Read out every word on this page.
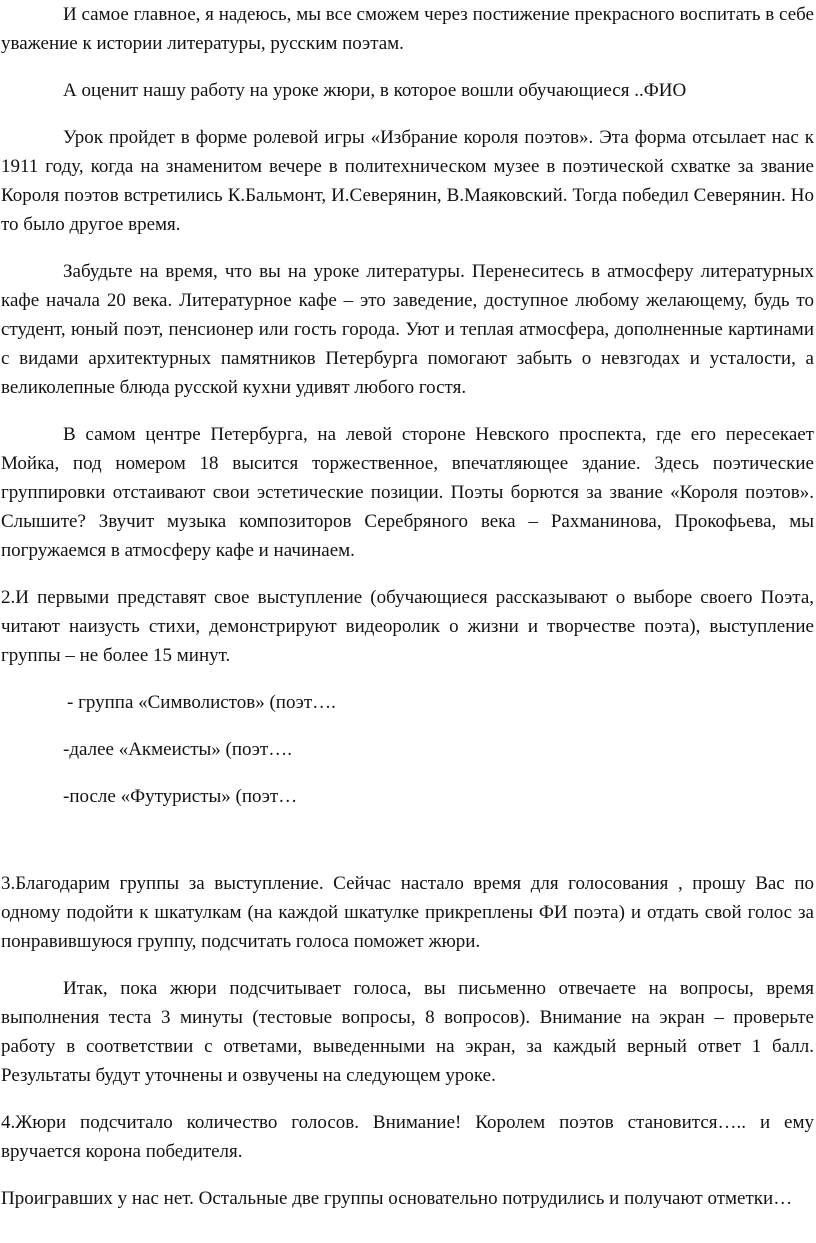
И самое главное, я надеюсь, мы все сможем через постижение прекрасного воспитать в себе уважение к истории литературы, русским поэтам.

А оценит нашу работу на уроке жюри, в которое вошли обучающиеся ..ФИО

Урок пройдет в форме ролевой игры «Избрание короля поэтов». Эта форма отсылает нас к 1911 году, когда на знаменитом вечере в политехническом музее в поэтической схватке за звание Короля поэтов встретились К.Бальмонт, И.Северянин, В.Маяковский. Тогда победил Северянин. Но то было другое время.

Забудьте на время, что вы на уроке литературы. Перенеситесь в атмосферу литературных кафе начала 20 века. Литературное кафе – это заведение, доступное любому желающему, будь то студент, юный поэт, пенсионер или гость города. Уют и теплая атмосфера, дополненные картинами с видами архитектурных памятников Петербурга помогают забыть о невзгодах и усталости, а великолепные блюда русской кухни удивят любого гостя.

В самом центре Петербурга, на левой стороне Невского проспекта, где его пересекает Мойка, под номером 18 высится торжественное, впечатляющее здание. Здесь поэтические группировки отстаивают свои эстетические позиции. Поэты борются за звание «Короля поэтов». Слышите? Звучит музыка композиторов Серебряного века – Рахманинова, Прокофьева, мы погружаемся в атмосферу кафе и начинаем.

2.И первыми представят свое выступление (обучающиеся рассказывают о выборе своего Поэта, читают наизусть стихи, демонстрируют видеоролик о жизни и творчестве поэта), выступление группы – не более 15 минут.

- группа «Символистов» (поэт….

-далее «Акмеисты» (поэт….

-после «Футуристы» (поэт…

3.Благодарим группы за выступление. Сейчас настало время для голосования , прошу Вас по одному подойти к шкатулкам (на каждой шкатулке прикреплены ФИ поэта) и отдать свой голос за понравившуюся группу, подсчитать голоса поможет жюри.

Итак, пока жюри подсчитывает голоса, вы письменно отвечаете на вопросы, время выполнения теста 3 минуты (тестовые вопросы, 8 вопросов). Внимание на экран – проверьте работу в соответствии с ответами, выведенными на экран, за каждый верный ответ 1 балл. Результаты будут уточнены и озвучены на следующем уроке.

4.Жюри подсчитало количество голосов. Внимание! Королем поэтов становится….. и ему вручается корона победителя.

Проигравших у нас нет. Остальные две группы основательно потрудились и получают отметки…
